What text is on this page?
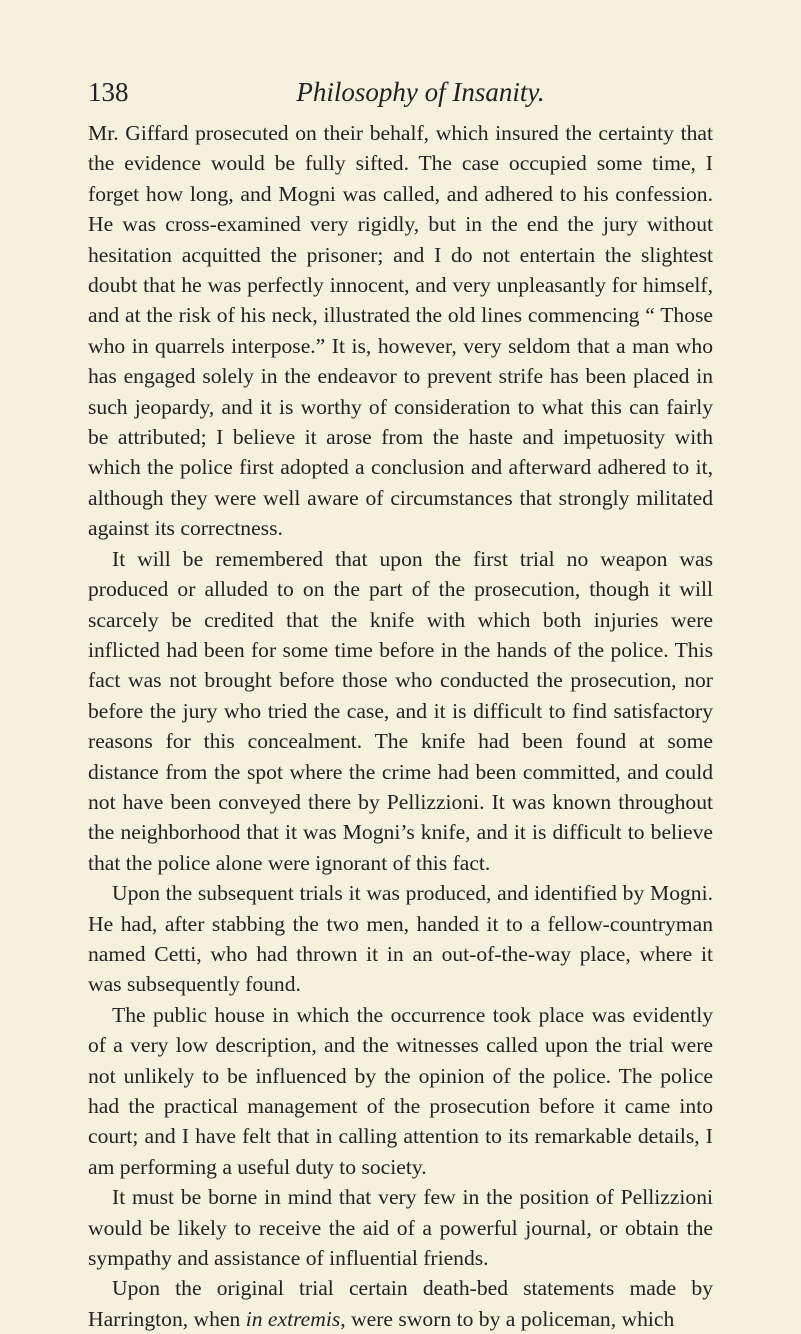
138	Philosophy of Insanity.

Mr. Giffard prosecuted on their behalf, which insured the certainty that the evidence would be fully sifted. The case occupied some time, I forget how long, and Mogni was called, and adhered to his confession. He was cross-examined very rigidly, but in the end the jury without hesitation acquitted the prisoner; and I do not entertain the slightest doubt that he was perfectly innocent, and very unpleasantly for himself, and at the risk of his neck, illustrated the old lines commencing “ Those who in quarrels interpose.” It is, however, very seldom that a man who has engaged solely in the endeavor to prevent strife has been placed in such jeopardy, and it is worthy of consideration to what this can fairly be attributed; I believe it arose from the haste and impetuosity with which the police first adopted a conclusion and afterward adhered to it, although they were well aware of circumstances that strongly militated against its correctness.

It will be remembered that upon the first trial no weapon was produced or alluded to on the part of the prosecution, though it will scarcely be credited that the knife with which both injuries were inflicted had been for some time before in the hands of the police. This fact was not brought before those who conducted the prosecution, nor before the jury who tried the case, and it is difficult to find satisfactory reasons for this concealment. The knife had been found at some distance from the spot where the crime had been committed, and could not have been conveyed there by Pellizzioni. It was known throughout the neighborhood that it was Mogni’s knife, and it is difficult to believe that the police alone were ignorant of this fact.

Upon the subsequent trials it was produced, and identified by Mogni. He had, after stabbing the two men, handed it to a fellow-countryman named Cetti, who had thrown it in an out-of-the-way place, where it was subsequently found.

The public house in which the occurrence took place was evidently of a very low description, and the witnesses called upon the trial were not unlikely to be influenced by the opinion of the police. The police had the practical management of the prosecution before it came into court; and I have felt that in calling attention to its remarkable details, I am performing a useful duty to society.

It must be borne in mind that very few in the position of Pellizzioni would be likely to receive the aid of a powerful journal, or obtain the sympathy and assistance of influential friends.

Upon the original trial certain death-bed statements made by Harrington, when in extremis, were sworn to by a policeman, which
